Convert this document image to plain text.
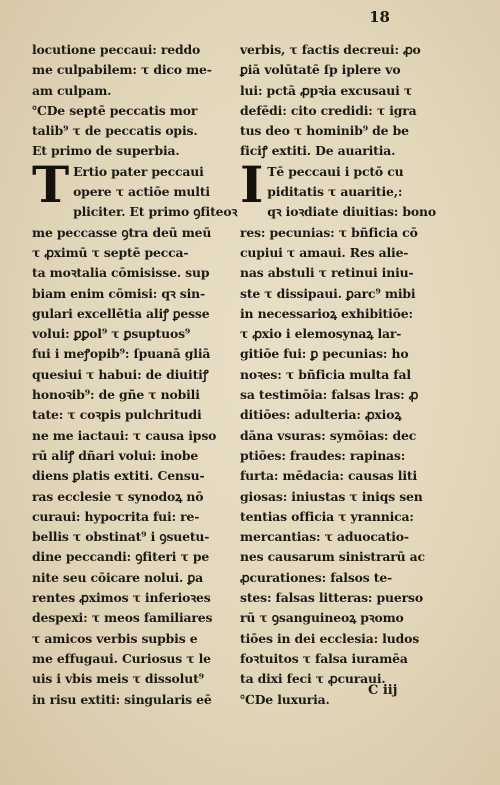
18
locutione peccaui: reddo
me culpabilem: τ dico me-
am culpam.
℃De septē peccatis mor
talib⁹ τ de peccatis opis.
Et primo de superbia.
T Ertio pater peccaui
opere τ actiōe multi
pliciter. Et primo ꝯfiteoꝛ
me peccasse ꝯtra deū meū
τ ꝓximū τ septē pecca-
ta moꝛtalia cōmisisse. sup
biam enim cōmisi: qꝛ sin-
gulari excellētia aliꝭ ꝑesse
volui: ꝑꝑol⁹ τ ꝑsuptuos⁹
fui i meꝭopib⁹: ſpuanā gliā
quesiui τ habui: de diuitiꝭ
honoꝛib⁹: de gñe τ nobili
tate: τ coꝛpis pulchritudi
ne me iactaui: τ causa ipso
rū aliꝭ dñari volui: inobe
diens ꝑlatis extiti. Censu-
ras ecclesie τ synodoꝝ nō
curaui: hypocrita fui: re-
bellis τ obstinat⁹ i ꝯsuetu-
dine peccandi: ꝯfiteri τ pe
nite seu cōicare nolui. ꝑa
rentes ꝓximos τ inferioꝛes
despexi: τ meos familiares
τ amicos verbis supbis e
me effugaui. Curiosus τ le
uis i vbis meis τ dissolut⁹
in risu extiti: singularis eē
verbis, τ factis decreui: ꝓo
ꝑiā volūtatē ſp iplere vo
lui: pctā ꝓpꝛia excusaui τ
defēdi: cito credidi: τ igra
tus deo τ hominib⁹ de be
ficiꝭ extiti. De auaritia.
I Tē peccaui i pctō cu
piditatis τ auaritie,:
qꝛ ioꝛdiate diuitias: bono
res: pecunias: τ bñficia cō
cupiui τ amaui. Res alie-
nas abstuli τ retinui iniu-
ste τ dissipaui. ꝑarc⁹ mibi
in necessarioꝝ exhibitiōe:
τ ꝓxio i elemosynaꝝ lar-
gitiōe fui: ꝑ pecunias: ho
noꝛes: τ bñficia multa fal
sa testimōia: falsas lras: ꝓ
ditiōes: adulteria: ꝓxioꝝ
dāna vsuras: symōias: dec
ptiōes: fraudes: rapinas:
furta: mēdacia: causas liti
giosas: iniustas τ iniqs sen
tentias officia τ yrannica:
mercantias: τ aduocatio-
nes causarum sinistrarū ac
ꝓcurationes: falsos te-
stes: falsas litteras: puerso
rū τ ꝯsanguineoꝝ pꝛomo
tiōes in dei ecclesia: ludos
foꝛtuitos τ falsa iuramēa
ta dixi feci τ ꝓcuraui.
℃De luxuria.
C iij
